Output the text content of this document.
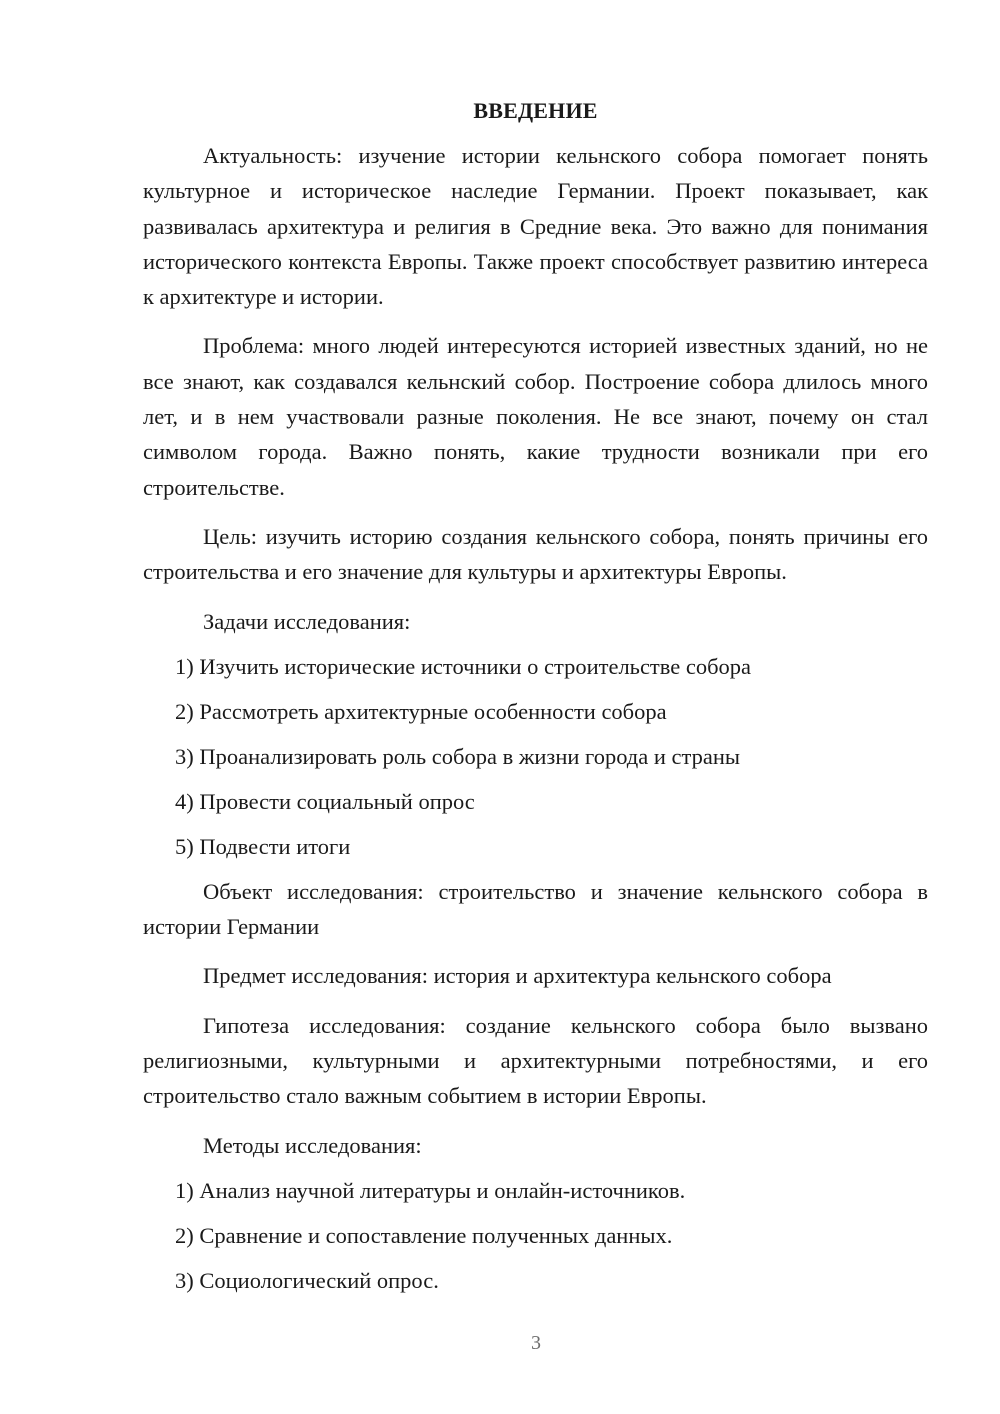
ВВЕДЕНИЕ

Актуальность: изучение истории кельнского собора помогает понять культурное и историческое наследие Германии. Проект показывает, как развивалась архитектура и религия в Средние века. Это важно для понимания исторического контекста Европы. Также проект способствует развитию интереса к архитектуре и истории.

Проблема: много людей интересуются историей известных зданий, но не все знают, как создавался кельнский собор. Построение собора длилось много лет, и в нем участвовали разные поколения. Не все знают, почему он стал символом города. Важно понять, какие трудности возникали при его строительстве.

Цель: изучить историю создания кельнского собора, понять причины его строительства и его значение для культуры и архитектуры Европы.

Задачи исследования:

1) Изучить исторические источники о строительстве собора

2) Рассмотреть архитектурные особенности собора

3) Проанализировать роль собора в жизни города и страны

4) Провести социальный опрос

5) Подвести итоги

Объект исследования: строительство и значение кельнского собора в истории Германии

Предмет исследования: история и архитектура кельнского собора

Гипотеза исследования: создание кельнского собора было вызвано религиозными, культурными и архитектурными потребностями, и его строительство стало важным событием в истории Европы.

Методы исследования:

1) Анализ научной литературы и онлайн-источников.

2) Сравнение и сопоставление полученных данных.

3) Социологический опрос.

3
